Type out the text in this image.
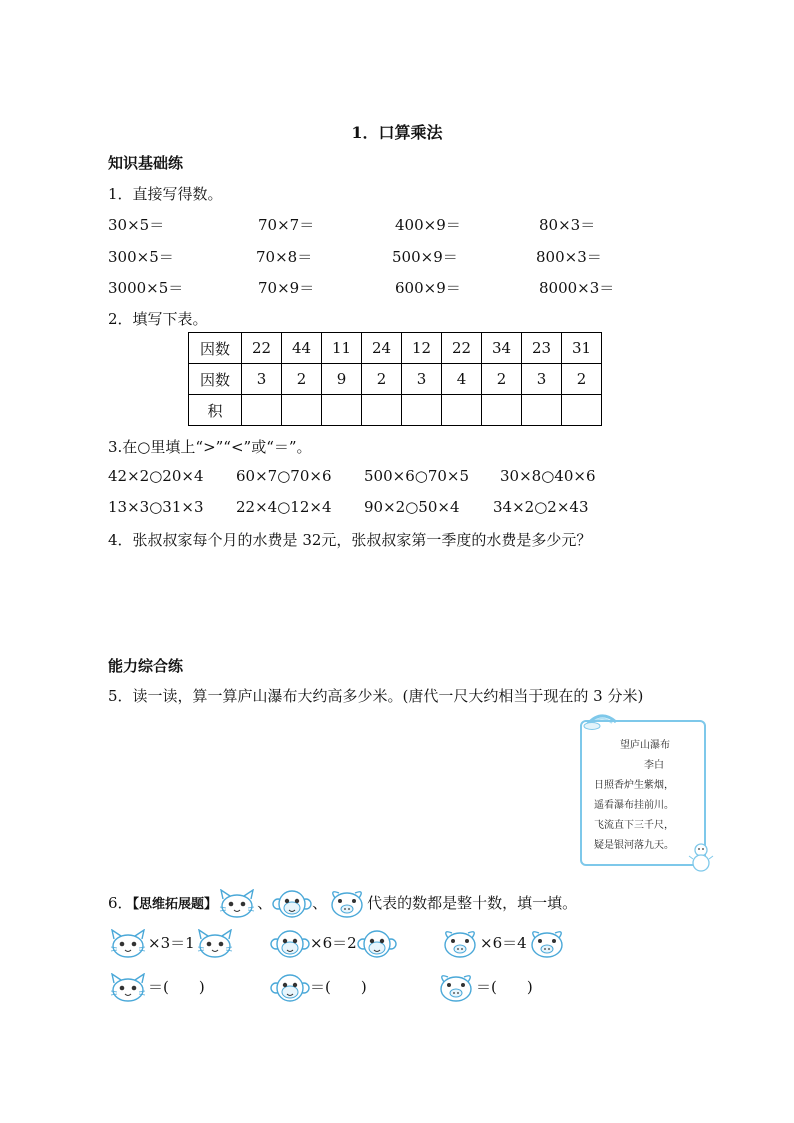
1．口算乘法
知识基础练
1．直接写得数。
30×5＝	70×7＝	400×9＝	80×3＝
300×5＝	70×8＝	500×9＝	800×3＝
3000×5＝	70×9＝	600×9＝	8000×3＝
2．填写下表。
因数	22	44	11	24	12	22	34	23	31
因数	3	2	9	2	3	4	2	3	2
积									
3.在○里填上“>”“<”或“＝”。
42×2○20×4 60×7○70×6 500×6○70×5 30×8○40×6
13×3○31×3 22×4○12×4 90×2○50×4 34×2○2×43
4．张叔叔家每个月的水费是 32元，张叔叔家第一季度的水费是多少元？
能力综合练
5．读一读，算一算庐山瀑布大约高多少米。(唐代一尺大约相当于现在的 3 分米)
望庐山瀑布
李白
日照香炉生紫烟，
遥看瀑布挂前川。
飞流直下三千尺，
疑是银河落九天。
6．【思维拓展题】	、	、	代表的数都是整十数，填一填。
×3＝1	×6＝2	×6＝4
＝(　　)	＝(　　)	＝(　　)
